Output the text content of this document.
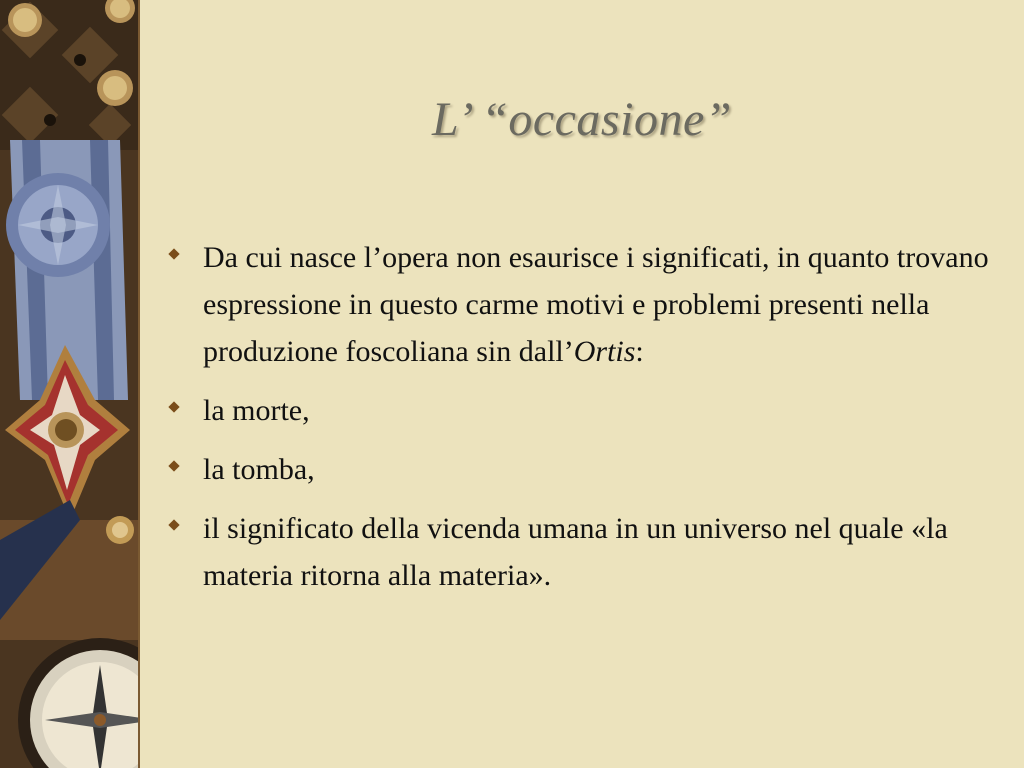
L’ “occasione”
Da cui nasce l’opera non esaurisce i significati, in quanto trovano espressione in questo carme motivi e problemi presenti nella produzione foscoliana sin dall’Ortis:
la morte,
la tomba,
il significato della vicenda umana in un universo nel quale «la materia ritorna alla materia».
